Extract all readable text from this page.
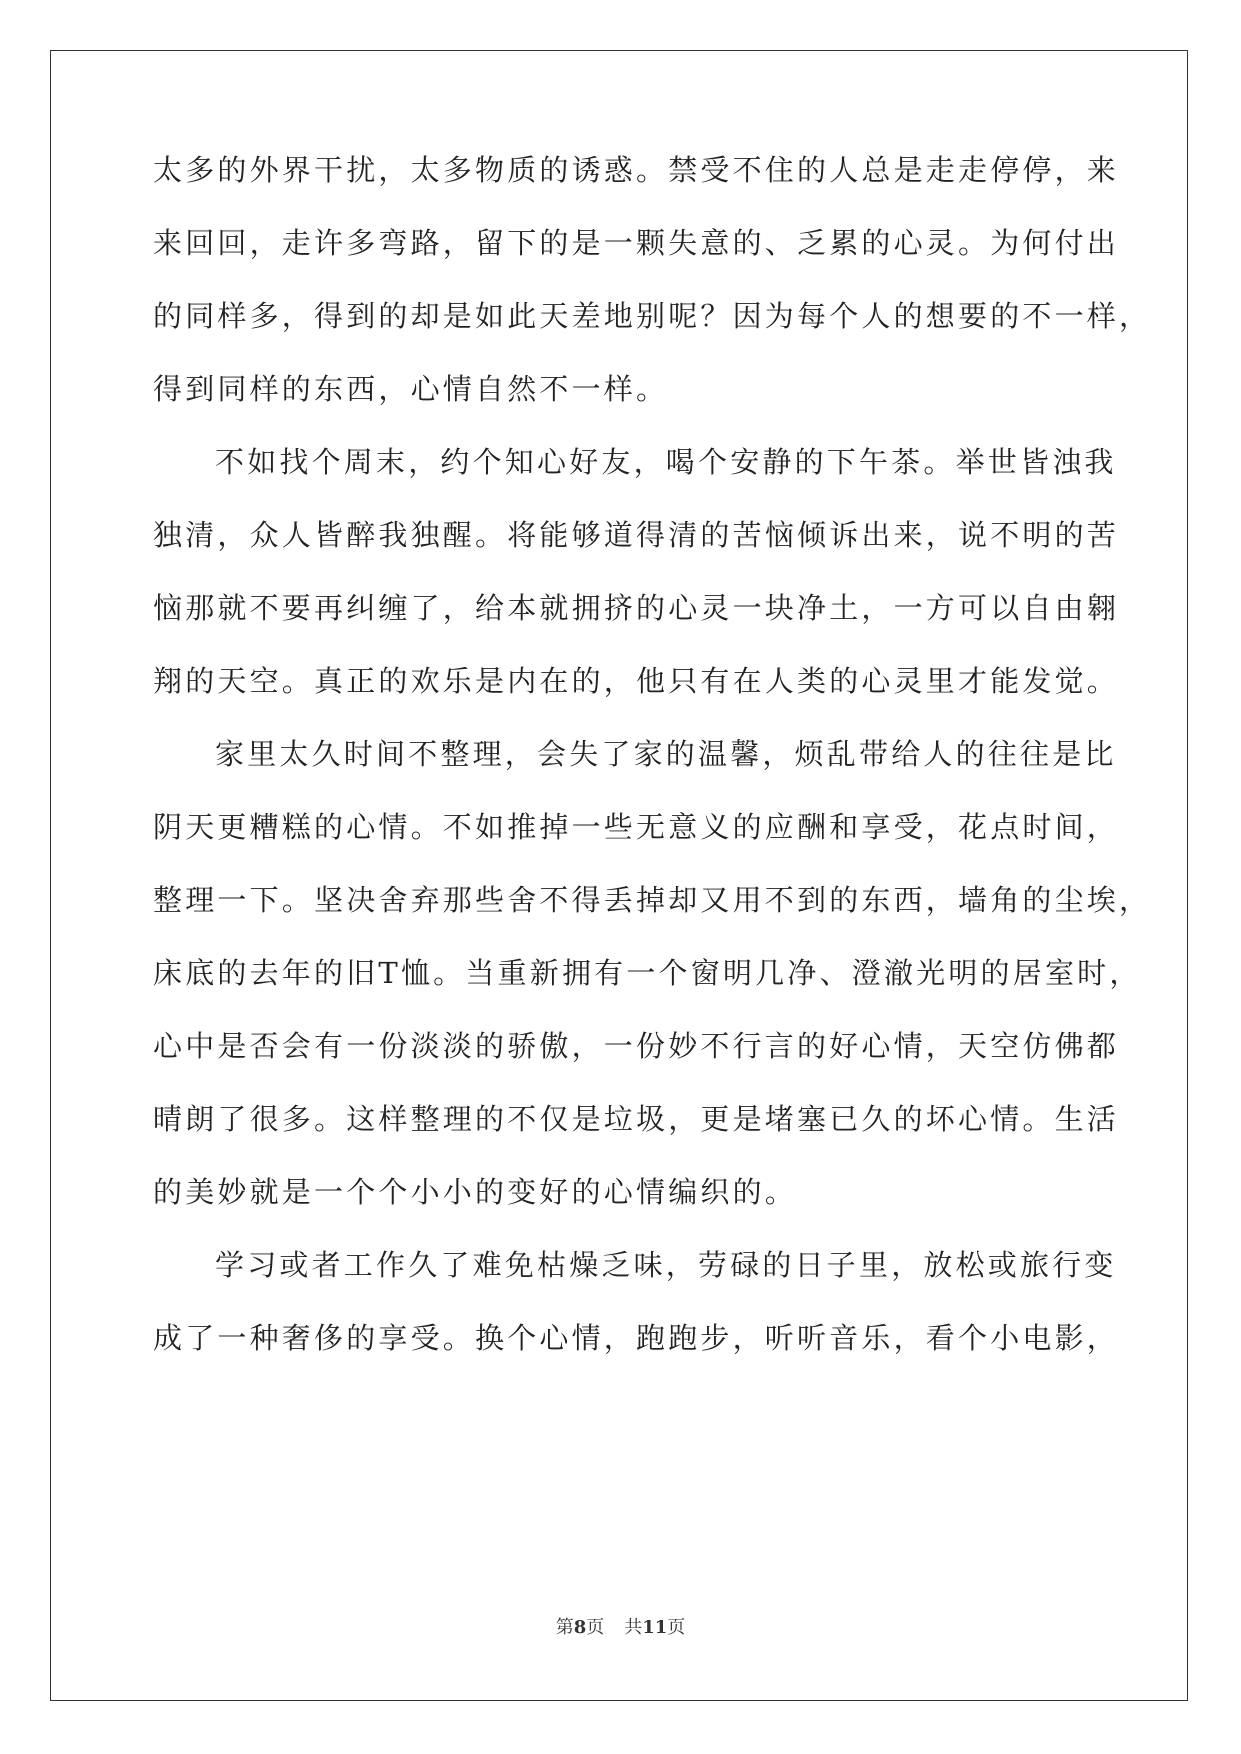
太多的外界干扰，太多物质的诱惑。禁受不住的人总是走走停停，来
来回回，走许多弯路，留下的是一颗失意的、乏累的心灵。为何付出
的同样多，得到的却是如此天差地别呢？因为每个人的想要的不一样，
得到同样的东西，心情自然不一样。
不如找个周末，约个知心好友，喝个安静的下午茶。举世皆浊我
独清，众人皆醉我独醒。将能够道得清的苦恼倾诉出来，说不明的苦
恼那就不要再纠缠了，给本就拥挤的心灵一块净土，一方可以自由翱
翔的天空。真正的欢乐是内在的，他只有在人类的心灵里才能发觉。
家里太久时间不整理，会失了家的温馨，烦乱带给人的往往是比
阴天更糟糕的心情。不如推掉一些无意义的应酬和享受，花点时间，
整理一下。坚决舍弃那些舍不得丢掉却又用不到的东西，墙角的尘埃，
床底的去年的旧T恤。当重新拥有一个窗明几净、澄澈光明的居室时，
心中是否会有一份淡淡的骄傲，一份妙不行言的好心情，天空仿佛都
晴朗了很多。这样整理的不仅是垃圾，更是堵塞已久的坏心情。生活
的美妙就是一个个小小的变好的心情编织的。
学习或者工作久了难免枯燥乏味，劳碌的日子里，放松或旅行变
成了一种奢侈的享受。换个心情，跑跑步，听听音乐，看个小电影，
第8页 共11页
